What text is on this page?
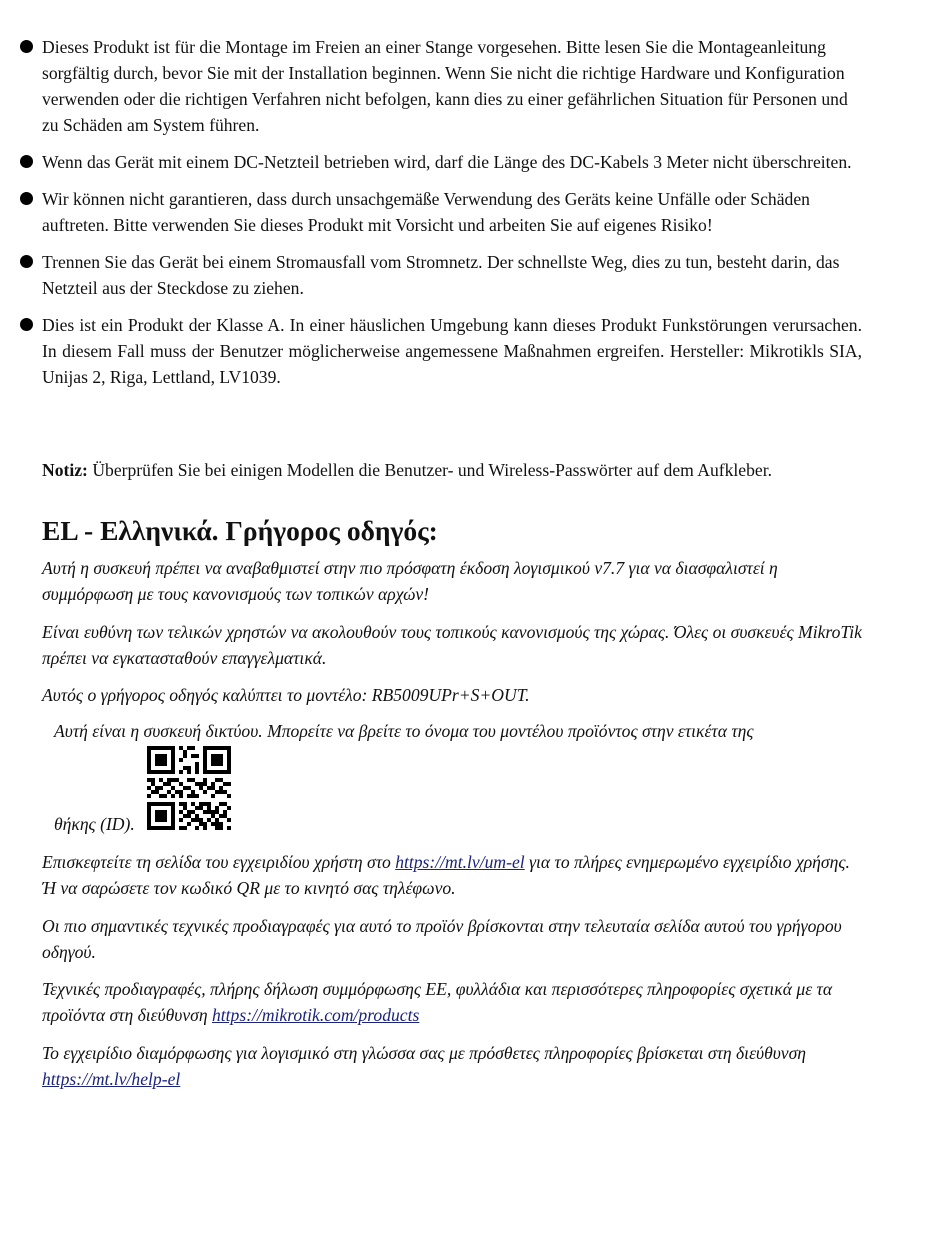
Dieses Produkt ist für die Montage im Freien an einer Stange vorgesehen. Bitte lesen Sie die Montageanleitung sorgfältig durch, bevor Sie mit der Installation beginnen. Wenn Sie nicht die richtige Hardware und Konfiguration verwenden oder die richtigen Verfahren nicht befolgen, kann dies zu einer gefährlichen Situation für Personen und zu Schäden am System führen.
Wenn das Gerät mit einem DC-Netzteil betrieben wird, darf die Länge des DC-Kabels 3 Meter nicht überschreiten.
Wir können nicht garantieren, dass durch unsachgemäße Verwendung des Geräts keine Unfälle oder Schäden auftreten. Bitte verwenden Sie dieses Produkt mit Vorsicht und arbeiten Sie auf eigenes Risiko!
Trennen Sie das Gerät bei einem Stromausfall vom Stromnetz. Der schnellste Weg, dies zu tun, besteht darin, das Netzteil aus der Steckdose zu ziehen.
Dies ist ein Produkt der Klasse A. In einer häuslichen Umgebung kann dieses Produkt Funkstörungen verursachen. In diesem Fall muss der Benutzer möglicherweise angemessene Maßnahmen ergreifen. Hersteller: Mikrotikls SIA, Unijas 2, Riga, Lettland, LV1039.
Notiz: Überprüfen Sie bei einigen Modellen die Benutzer- und Wireless-Passwörter auf dem Aufkleber.
EL - Ελληνικά. Γρήγορος οδηγός:

Αυτή η συσκευή πρέπει να αναβαθμιστεί στην πιο πρόσφατη έκδοση λογισμικού v7.7 για να διασφαλιστεί η συμμόρφωση με τους κανονισμούς των τοπικών αρχών!

Είναι ευθύνη των τελικών χρηστών να ακολουθούν τους τοπικούς κανονισμούς της χώρας. Όλες οι συσκευές MikroTik πρέπει να εγκατασταθούν επαγγελματικά.

Αυτός ο γρήγορος οδηγός καλύπτει το μοντέλο: RB5009UPr+S+OUT.

Αυτή είναι η συσκευή δικτύου. Μπορείτε να βρείτε το όνομα του μοντέλου προϊόντος στην ετικέτα της
θήκης (ID).

Επισκεφτείτε τη σελίδα του εγχειριδίου χρήστη στο https://mt.lv/um-el για το πλήρες ενημερωμένο εγχειρίδιο χρήσης. Ή να σαρώσετε τον κωδικό QR με το κινητό σας τηλέφωνο.

Οι πιο σημαντικές τεχνικές προδιαγραφές για αυτό το προϊόν βρίσκονται στην τελευταία σελίδα αυτού του γρήγορου οδηγού.

Τεχνικές προδιαγραφές, πλήρης δήλωση συμμόρφωσης ΕΕ, φυλλάδια και περισσότερες πληροφορίες σχετικά με τα προϊόντα στη διεύθυνση https://mikrotik.com/products

Το εγχειρίδιο διαμόρφωσης για λογισμικό στη γλώσσα σας με πρόσθετες πληροφορίες βρίσκεται στη διεύθυνση https://mt.lv/help-el
